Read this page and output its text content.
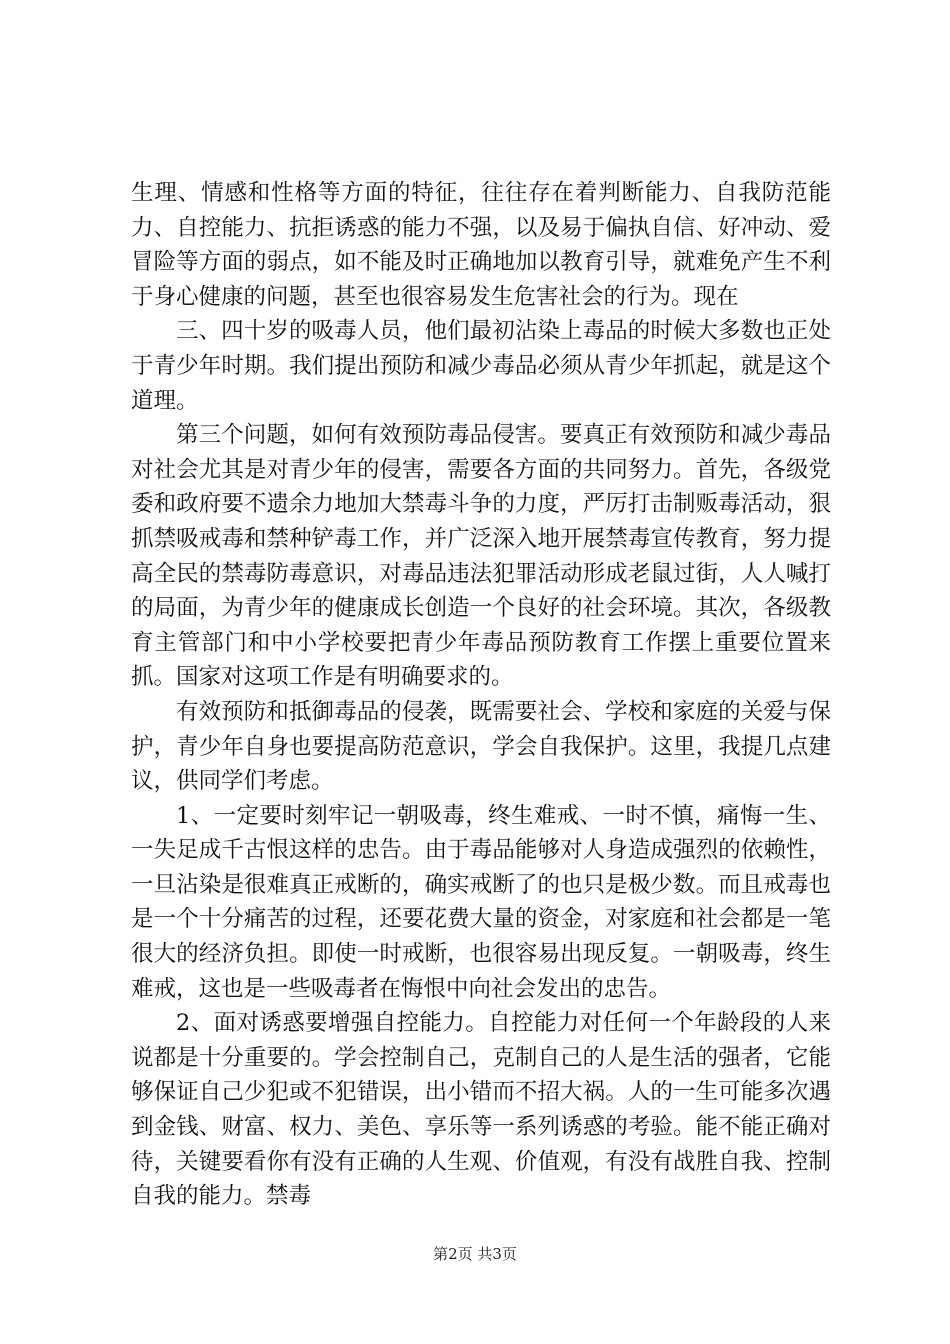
生理、情感和性格等方面的特征，往往存在着判断能力、自我防范能力、自控能力、抗拒诱惑的能力不强，以及易于偏执自信、好冲动、爱冒险等方面的弱点，如不能及时正确地加以教育引导，就难免产生不利于身心健康的问题，甚至也很容易发生危害社会的行为。现在

三、四十岁的吸毒人员，他们最初沾染上毒品的时候大多数也正处于青少年时期。我们提出预防和减少毒品必须从青少年抓起，就是这个道理。

第三个问题，如何有效预防毒品侵害。要真正有效预防和减少毒品对社会尤其是对青少年的侵害，需要各方面的共同努力。首先，各级党委和政府要不遗余力地加大禁毒斗争的力度，严厉打击制贩毒活动，狠抓禁吸戒毒和禁种铲毒工作，并广泛深入地开展禁毒宣传教育，努力提高全民的禁毒防毒意识，对毒品违法犯罪活动形成老鼠过街，人人喊打的局面，为青少年的健康成长创造一个良好的社会环境。其次，各级教育主管部门和中小学校要把青少年毒品预防教育工作摆上重要位置来抓。国家对这项工作是有明确要求的。

有效预防和抵御毒品的侵袭，既需要社会、学校和家庭的关爱与保护，青少年自身也要提高防范意识，学会自我保护。这里，我提几点建议，供同学们考虑。

1、一定要时刻牢记一朝吸毒，终生难戒、一时不慎，痛悔一生、一失足成千古恨这样的忠告。由于毒品能够对人身造成强烈的依赖性，一旦沾染是很难真正戒断的，确实戒断了的也只是极少数。而且戒毒也是一个十分痛苦的过程，还要花费大量的资金，对家庭和社会都是一笔很大的经济负担。即使一时戒断，也很容易出现反复。一朝吸毒，终生难戒，这也是一些吸毒者在悔恨中向社会发出的忠告。

2、面对诱惑要增强自控能力。自控能力对任何一个年龄段的人来说都是十分重要的。学会控制自己，克制自己的人是生活的强者，它能够保证自己少犯或不犯错误，出小错而不招大祸。人的一生可能多次遇到金钱、财富、权力、美色、享乐等一系列诱惑的考验。能不能正确对待，关键要看你有没有正确的人生观、价值观，有没有战胜自我、控制自我的能力。禁毒

第2页 共3页
